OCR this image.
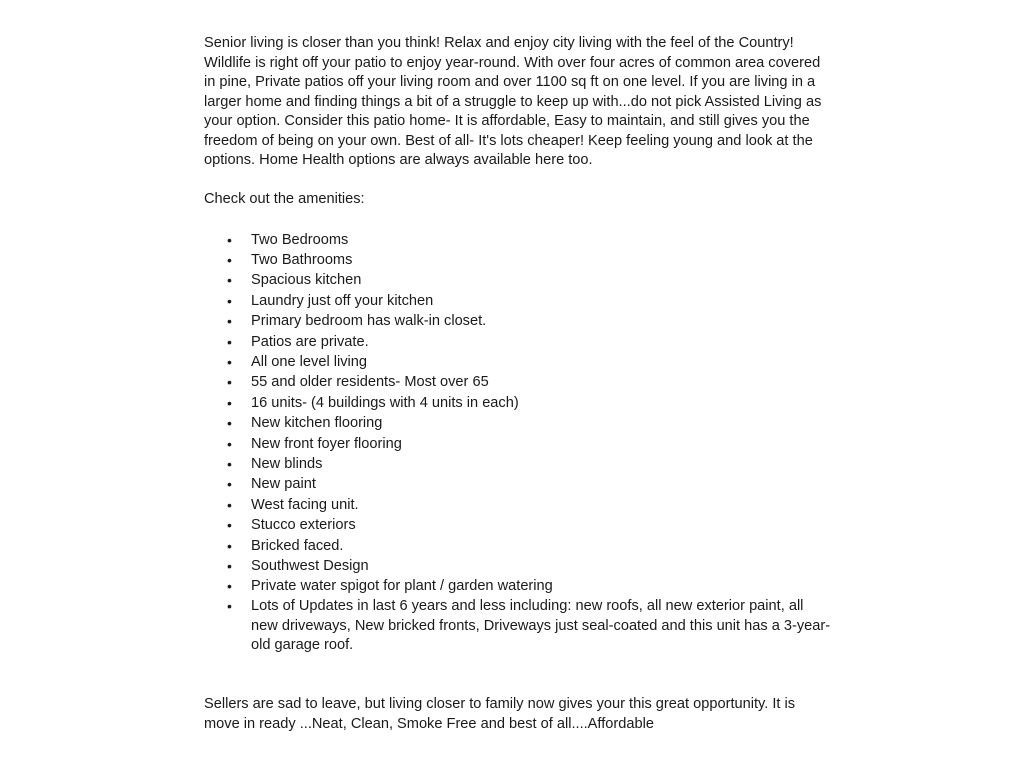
Senior living is closer than you think! Relax and enjoy city living with the feel of the Country! Wildlife is right off your patio to enjoy year-round. With over four acres of common area covered in pine, Private patios off your living room and over 1100 sq ft on one level. If you are living in a larger home and finding things a bit of a struggle to keep up with...do not pick Assisted Living as your option. Consider this patio home- It is affordable, Easy to maintain, and still gives you the freedom of being on your own. Best of all- It's lots cheaper! Keep feeling young and look at the options. Home Health options are always available here too.

Check out the amenities:

• Two Bedrooms
• Two Bathrooms
• Spacious kitchen
• Laundry just off your kitchen
• Primary bedroom has walk-in closet.
• Patios are private.
• All one level living
• 55 and older residents- Most over 65
• 16 units- (4 buildings with 4 units in each)
• New kitchen flooring
• New front foyer flooring
• New blinds
• New paint
• West facing unit.
• Stucco exteriors
• Bricked faced.
• Southwest Design
• Private water spigot for plant / garden watering
• Lots of Updates in last 6 years and less including: new roofs, all new exterior paint, all new driveways, New bricked fronts, Driveways just seal-coated and this unit has a 3-year-old garage roof.

Sellers are sad to leave, but living closer to family now gives your this great opportunity. It is move in ready ...Neat, Clean, Smoke Free and best of all....Affordable
